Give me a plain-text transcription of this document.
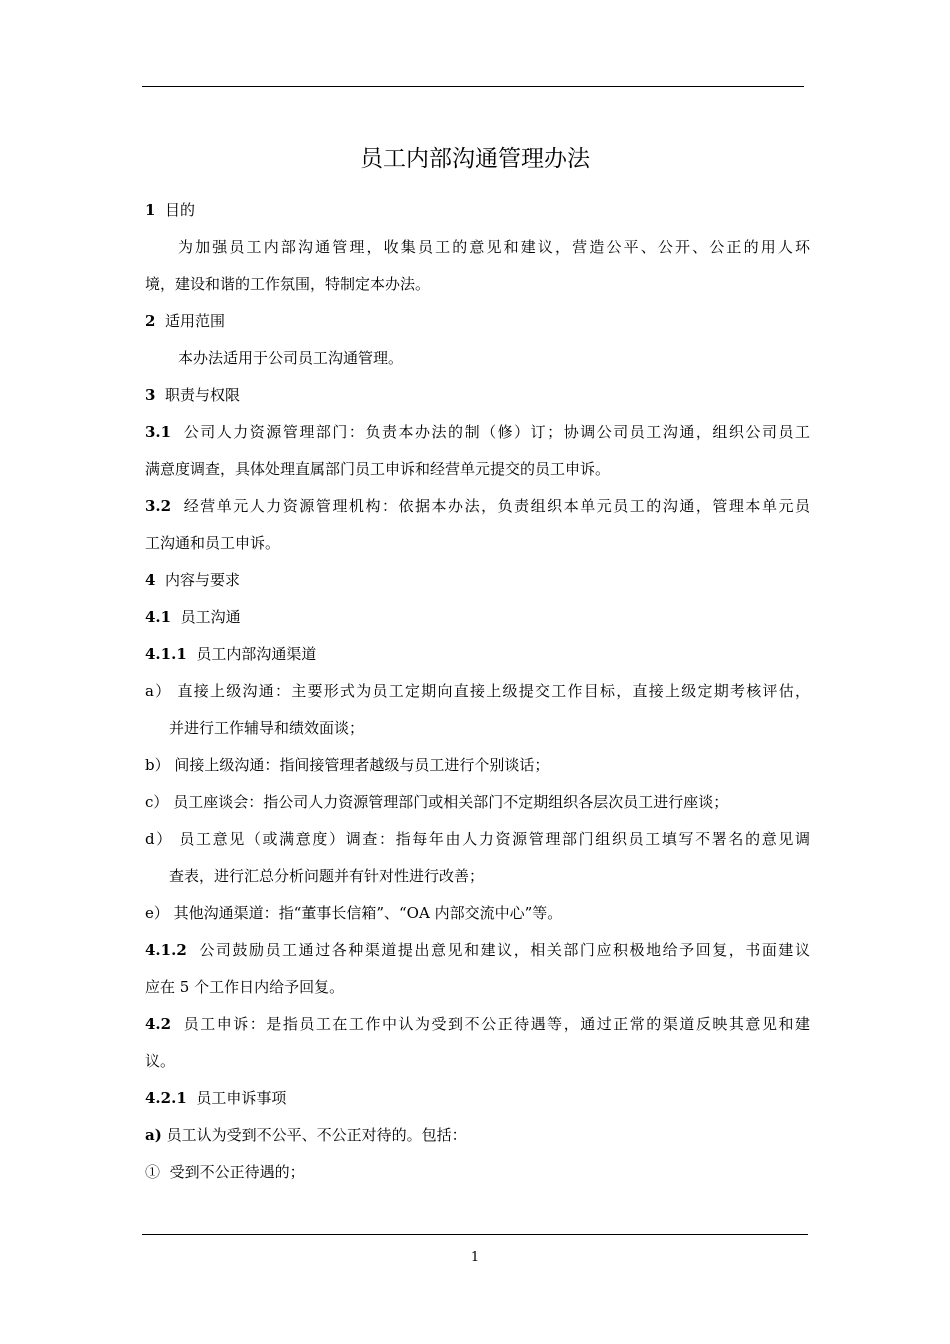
员工内部沟通管理办法
1 目的
为加强员工内部沟通管理，收集员工的意见和建议，营造公平、公开、公正的用人环
境，建设和谐的工作氛围，特制定本办法。
2 适用范围
本办法适用于公司员工沟通管理。
3 职责与权限
3.1 公司人力资源管理部门：负责本办法的制（修）订；协调公司员工沟通，组织公司员工
满意度调查，具体处理直属部门员工申诉和经营单元提交的员工申诉。
3.2 经营单元人力资源管理机构：依据本办法，负责组织本单元员工的沟通，管理本单元员
工沟通和员工申诉。
4 内容与要求
4.1 员工沟通
4.1.1 员工内部沟通渠道
a） 直接上级沟通：主要形式为员工定期向直接上级提交工作目标，直接上级定期考核评估，
并进行工作辅导和绩效面谈；
b） 间接上级沟通：指间接管理者越级与员工进行个别谈话；
c） 员工座谈会：指公司人力资源管理部门或相关部门不定期组织各层次员工进行座谈；
d） 员工意见（或满意度）调查：指每年由人力资源管理部门组织员工填写不署名的意见调
查表，进行汇总分析问题并有针对性进行改善；
e） 其他沟通渠道：指“董事长信箱”、“OA 内部交流中心”等。
4.1.2 公司鼓励员工通过各种渠道提出意见和建议，相关部门应积极地给予回复，书面建议
应在 5 个工作日内给予回复。
4.2 员工申诉：是指员工在工作中认为受到不公正待遇等，通过正常的渠道反映其意见和建
议。
4.2.1 员工申诉事项
a) 员工认为受到不公平、不公正对待的。包括：
① 受到不公正待遇的；
1
